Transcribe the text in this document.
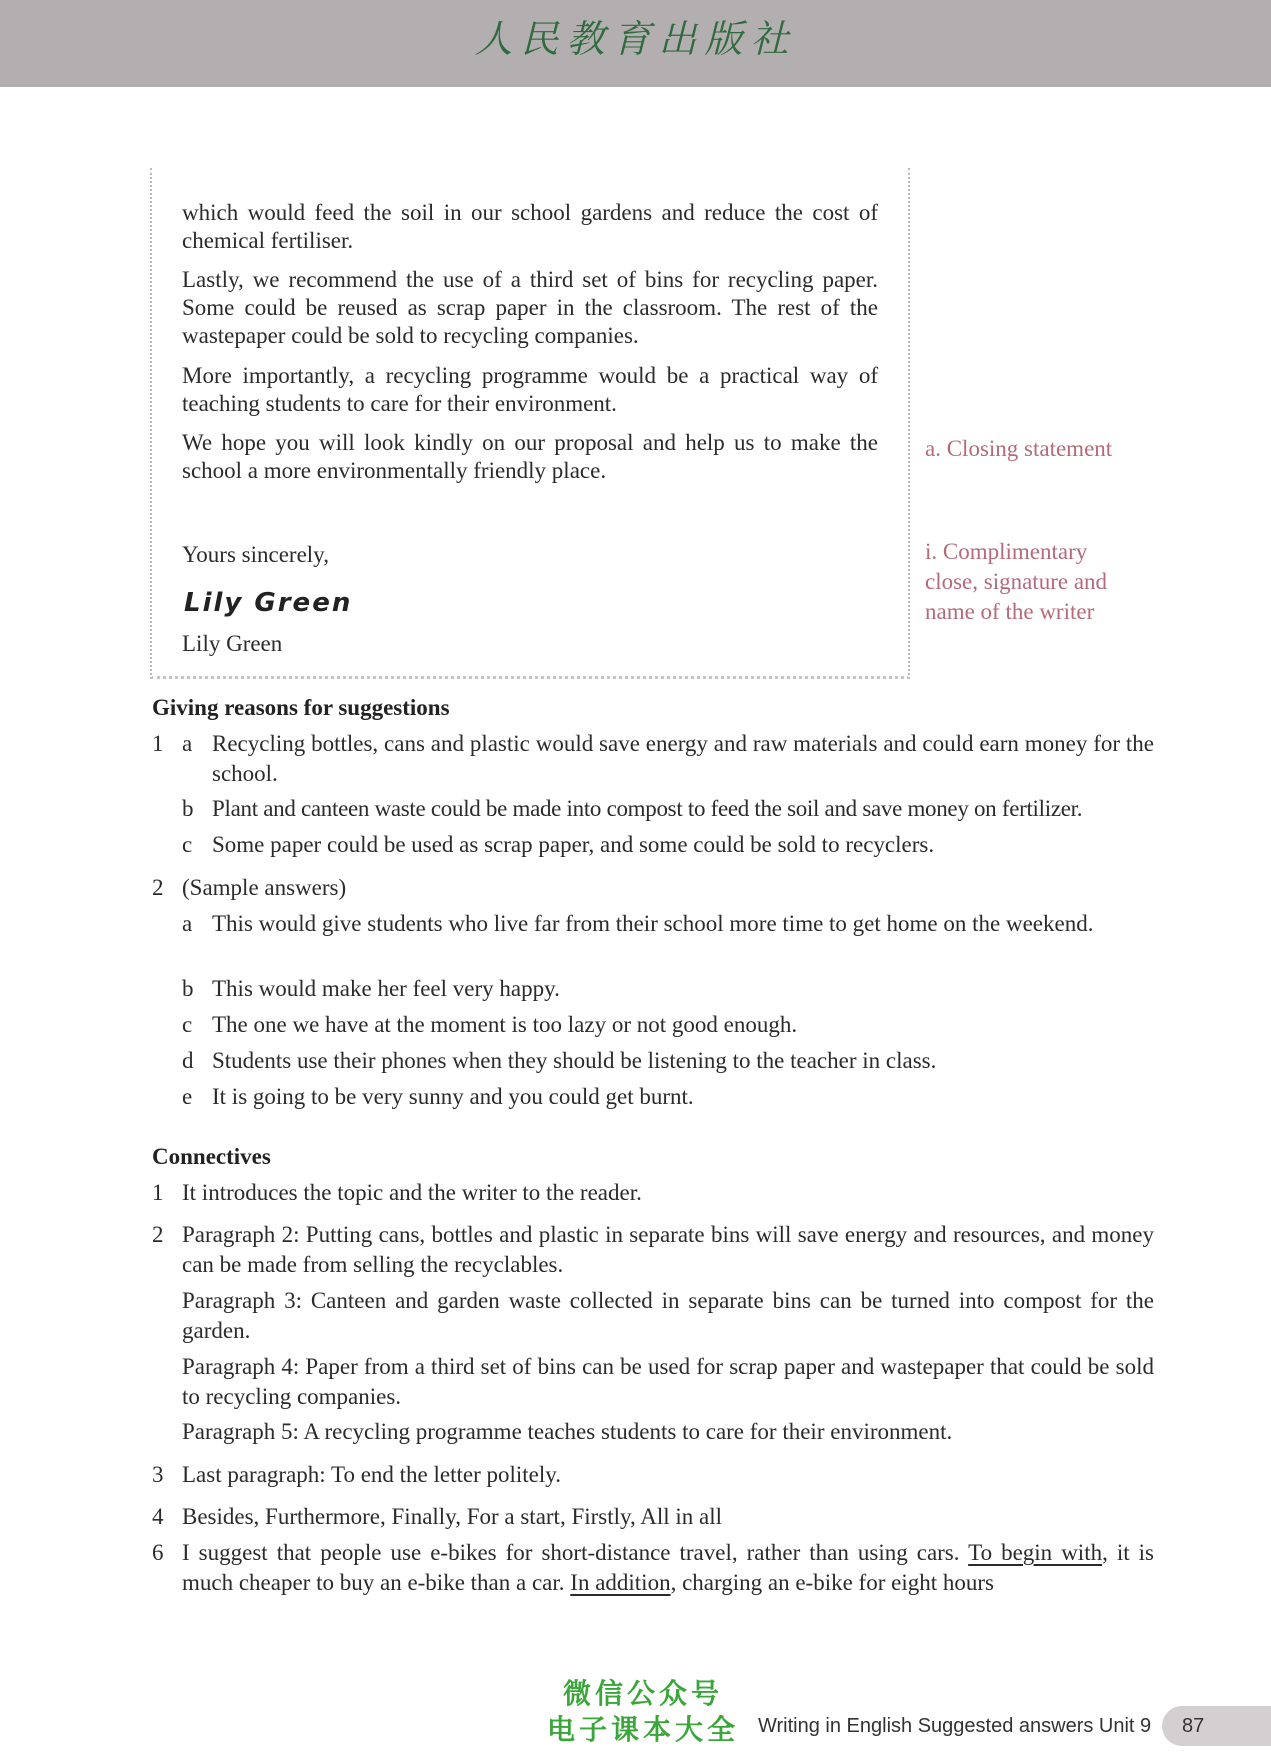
人民教育出版社
which would feed the soil in our school gardens and reduce the cost of chemical fertiliser.
Lastly, we recommend the use of a third set of bins for recycling paper. Some could be reused as scrap paper in the classroom. The rest of the wastepaper could be sold to recycling companies.
More importantly, a recycling programme would be a practical way of teaching students to care for their environment.
We hope you will look kindly on our proposal and help us to make the school a more environmentally friendly place.
Yours sincerely,
Lily Green
Lily Green
a. Closing statement
i. Complimentary close, signature and name of the writer
Giving reasons for suggestions
1 a Recycling bottles, cans and plastic would save energy and raw materials and could earn money for the school.
b Plant and canteen waste could be made into compost to feed the soil and save money on fertilizer.
c Some paper could be used as scrap paper, and some could be sold to recyclers.
2 (Sample answers)
a This would give students who live far from their school more time to get home on the weekend.
b This would make her feel very happy.
c The one we have at the moment is too lazy or not good enough.
d Students use their phones when they should be listening to the teacher in class.
e It is going to be very sunny and you could get burnt.
Connectives
1 It introduces the topic and the writer to the reader.
2 Paragraph 2: Putting cans, bottles and plastic in separate bins will save energy and resources, and money can be made from selling the recyclables.
Paragraph 3: Canteen and garden waste collected in separate bins can be turned into compost for the garden.
Paragraph 4: Paper from a third set of bins can be used for scrap paper and wastepaper that could be sold to recycling companies.
Paragraph 5: A recycling programme teaches students to care for their environment.
3 Last paragraph: To end the letter politely.
4 Besides, Furthermore, Finally, For a start, Firstly, All in all
6 I suggest that people use e-bikes for short-distance travel, rather than using cars. To begin with, it is much cheaper to buy an e-bike than a car. In addition, charging an e-bike for eight hours
微信公众号
电子课本大全 Writing in English Suggested answers Unit 9 87
